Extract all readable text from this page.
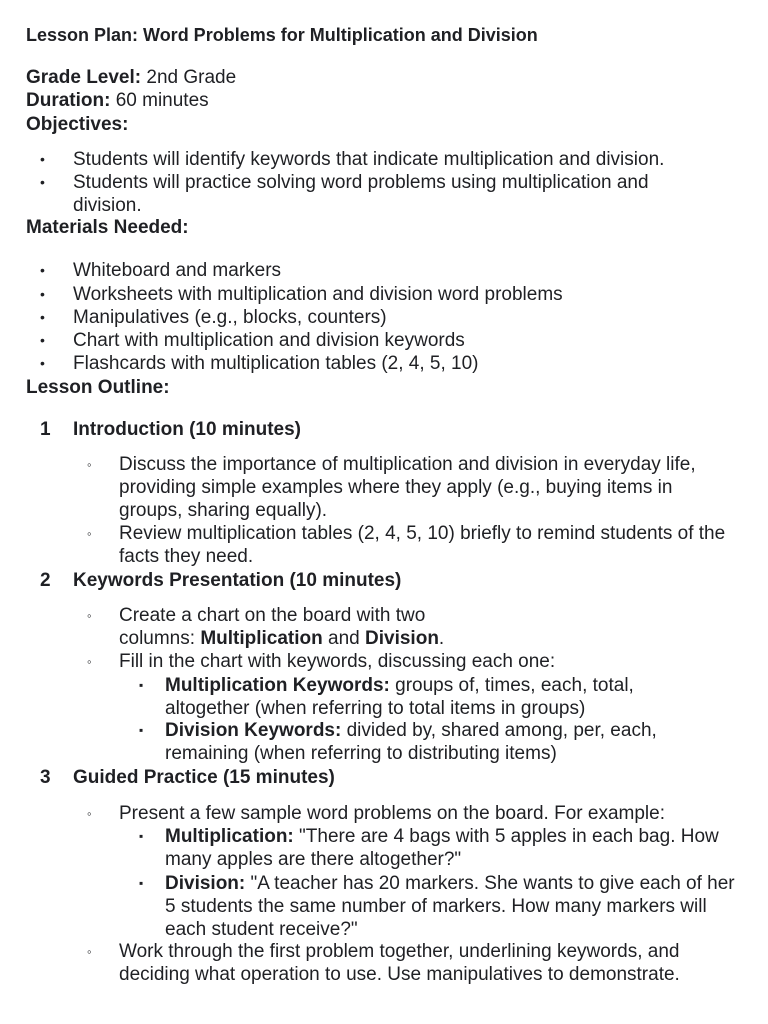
Lesson Plan: Word Problems for Multiplication and Division
Grade Level: 2nd Grade
Duration: 60 minutes
Objectives:
•	Students will identify keywords that indicate multiplication and division.
•	Students will practice solving word problems using multiplication and division.
Materials Needed:
•	Whiteboard and markers
•	Worksheets with multiplication and division word problems
•	Manipulatives (e.g., blocks, counters)
•	Chart with multiplication and division keywords
•	Flashcards with multiplication tables (2, 4, 5, 10)
Lesson Outline:
1 Introduction (10 minutes)
◦ Discuss the importance of multiplication and division in everyday life, providing simple examples where they apply (e.g., buying items in groups, sharing equally).
◦ Review multiplication tables (2, 4, 5, 10) briefly to remind students of the facts they need.
2 Keywords Presentation (10 minutes)
◦ Create a chart on the board with two columns: Multiplication and Division.
◦ Fill in the chart with keywords, discussing each one:
▪ Multiplication Keywords: groups of, times, each, total, altogether (when referring to total items in groups)
▪ Division Keywords: divided by, shared among, per, each, remaining (when referring to distributing items)
3 Guided Practice (15 minutes)
◦ Present a few sample word problems on the board. For example:
▪ Multiplication: "There are 4 bags with 5 apples in each bag. How many apples are there altogether?"
▪ Division: "A teacher has 20 markers. She wants to give each of her 5 students the same number of markers. How many markers will each student receive?"
◦ Work through the first problem together, underlining keywords, and deciding what operation to use. Use manipulatives to demonstrate.
